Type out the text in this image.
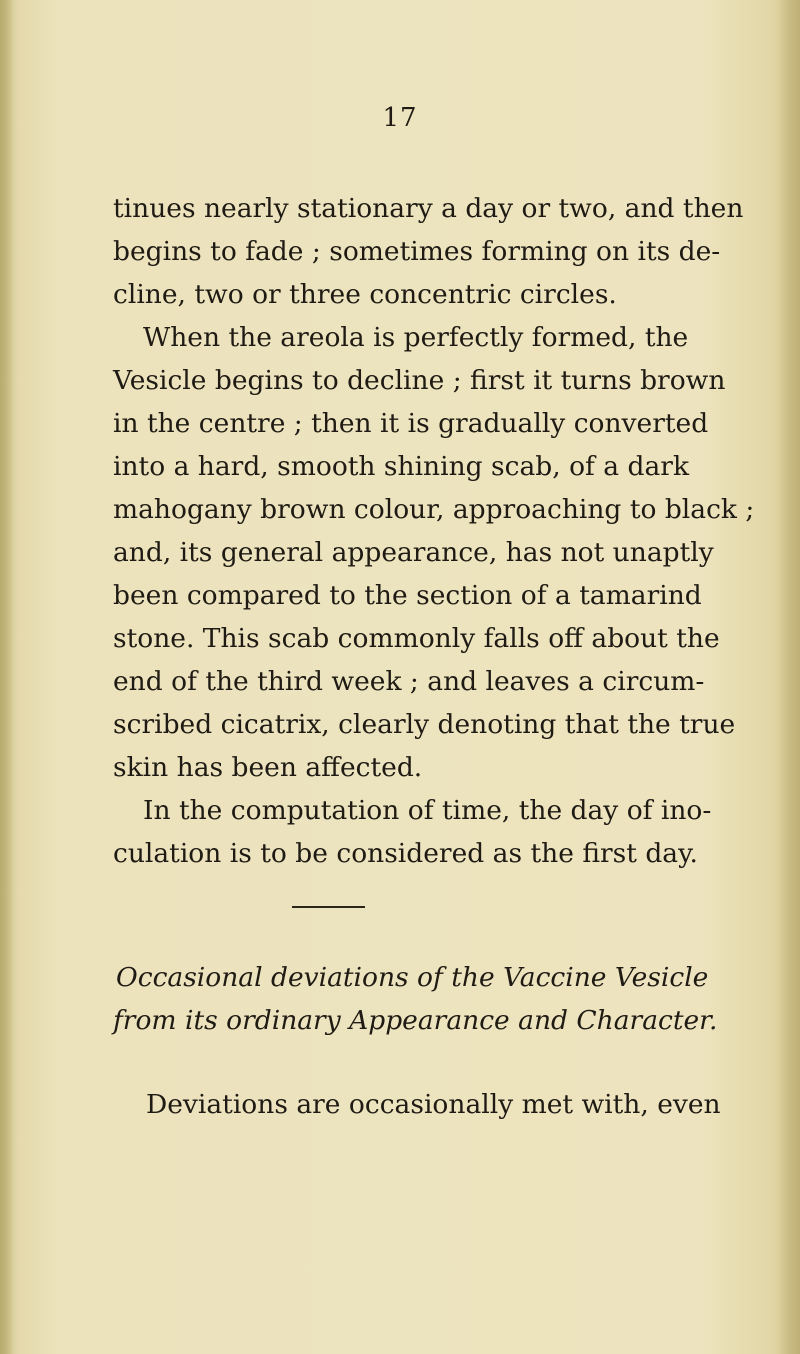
17
tinues nearly stationary a day or two, and then
begins to fade ; sometimes forming on its de-
cline, two or three concentric circles.
When the areola is perfectly formed, the
Vesicle begins to decline ; first it turns brown
in the centre ; then it is gradually converted
into a hard, smooth shining scab, of a dark
mahogany brown colour, approaching to black ;
and, its general appearance, has not unaptly
been compared to the section of a tamarind
stone. This scab commonly falls off about the
end of the third week ; and leaves a circum-
scribed cicatrix, clearly denoting that the true
skin has been affected.
In the computation of time, the day of ino-
culation is to be considered as the first day.
Occasional deviations of the Vaccine Vesicle
from its ordinary Appearance and Character.
Deviations are occasionally met with, even
